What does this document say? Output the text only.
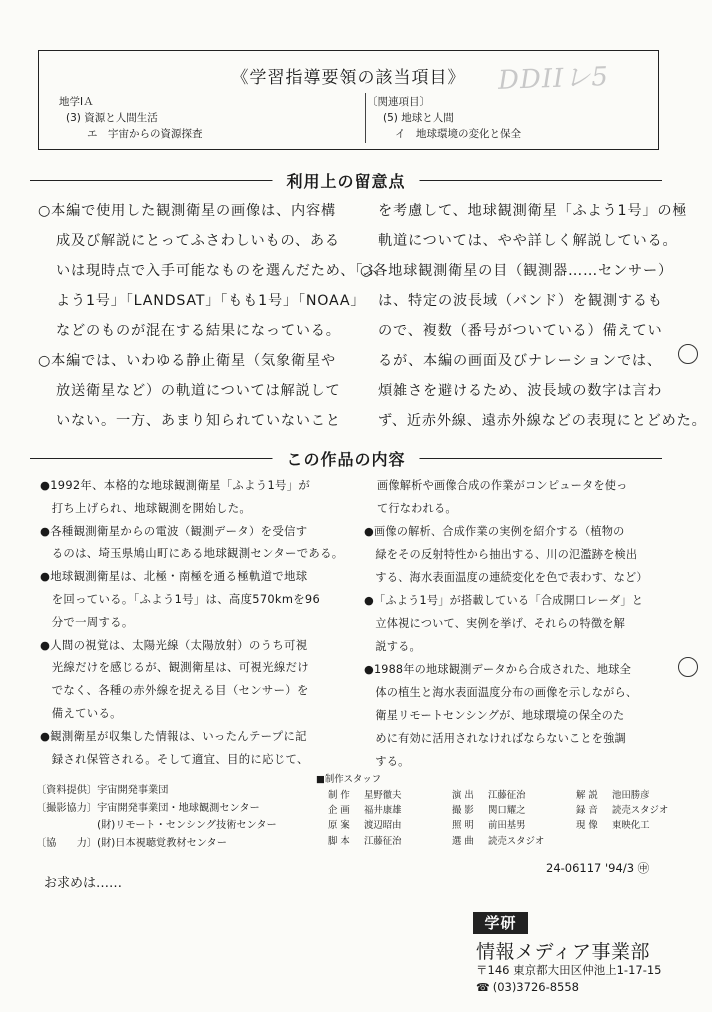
DDIIレ5
《学習指導要領の該当項目》
地学ⅠＡ
(3) 資源と人間生活
エ　宇宙からの資源探査
〔関連項目〕
(5) 地球と人間
イ　地球環境の変化と保全
利用上の留意点
○本編で使用した観測衛星の画像は、内容構
成及び解説にとってふさわしいもの、ある
いは現時点で入手可能なものを選んだため、「ふ
よう1号」「LANDSAT」「もも1号」「NOAA」
などのものが混在する結果になっている。
○本編では、いわゆる静止衛星（気象衛星や
放送衛星など）の軌道については解説して
いない。一方、あまり知られていないこと
を考慮して、地球観測衛星「ふよう1号」の極
軌道については、やや詳しく解説している。
○各地球観測衛星の目（観測器……センサー）
は、特定の波長域（バンド）を観測するも
ので、複数（番号がついている）備えてい
るが、本編の画面及びナレーションでは、
煩雑さを避けるため、波長域の数字は言わ
ず、近赤外線、遠赤外線などの表現にとどめた。
この作品の内容
●1992年、本格的な地球観測衛星「ふよう1号」が
　打ち上げられ、地球観測を開始した。
●各種観測衛星からの電波（観測データ）を受信す
　るのは、埼玉県鳩山町にある地球観測センターである。
●地球観測衛星は、北極・南極を通る極軌道で地球
　を回っている。「ふよう1号」は、高度570kmを96
　分で一周する。
●人間の視覚は、太陽光線（太陽放射）のうち可視
　光線だけを感じるが、観測衛星は、可視光線だけ
　でなく、各種の赤外線を捉える目（センサー）を
　備えている。
●観測衛星が収集した情報は、いったんテープに記
　録され保管される。そして適宜、目的に応じて、
画像解析や画像合成の作業がコンピュータを使っ
て行なわれる。
●画像の解析、合成作業の実例を紹介する（植物の
　緑をその反射特性から抽出する、川の氾濫跡を検出
　する、海水表面温度の連続変化を色で表わす、など）
●「ふよう1号」が搭載している「合成開口レーダ」と
　立体視について、実例を挙げ、それらの特徴を解
　説する。
●1988年の地球観測データから合成された、地球全
　体の植生と海水表面温度分布の画像を示しながら、
　衛星リモートセンシングが、地球環境の保全のた
　めに有効に活用されなければならないことを強調
　する。
〔資料提供〕宇宙開発事業団
〔撮影協力〕宇宙開発事業団・地球観測センター
　　　　　　(財)リモート・センシング技術センター
〔協　　力〕(財)日本視聴覚教材センター
■制作スタッフ
制作 星野徹夫
企画 福井康雄
原案 渡辺昭由
脚本 江藤征治
演出 江藤征治
撮影 関口耀之
照明 前田基男
選曲 読売スタジオ
解説 池田勝彦
録音 読売スタジオ
現像 東映化工
お求めは……
24-06117 '94/3 ㊥
学研
情報メディア事業部
〒146 東京都大田区仲池上1-17-15
☎ (03)3726-8558
